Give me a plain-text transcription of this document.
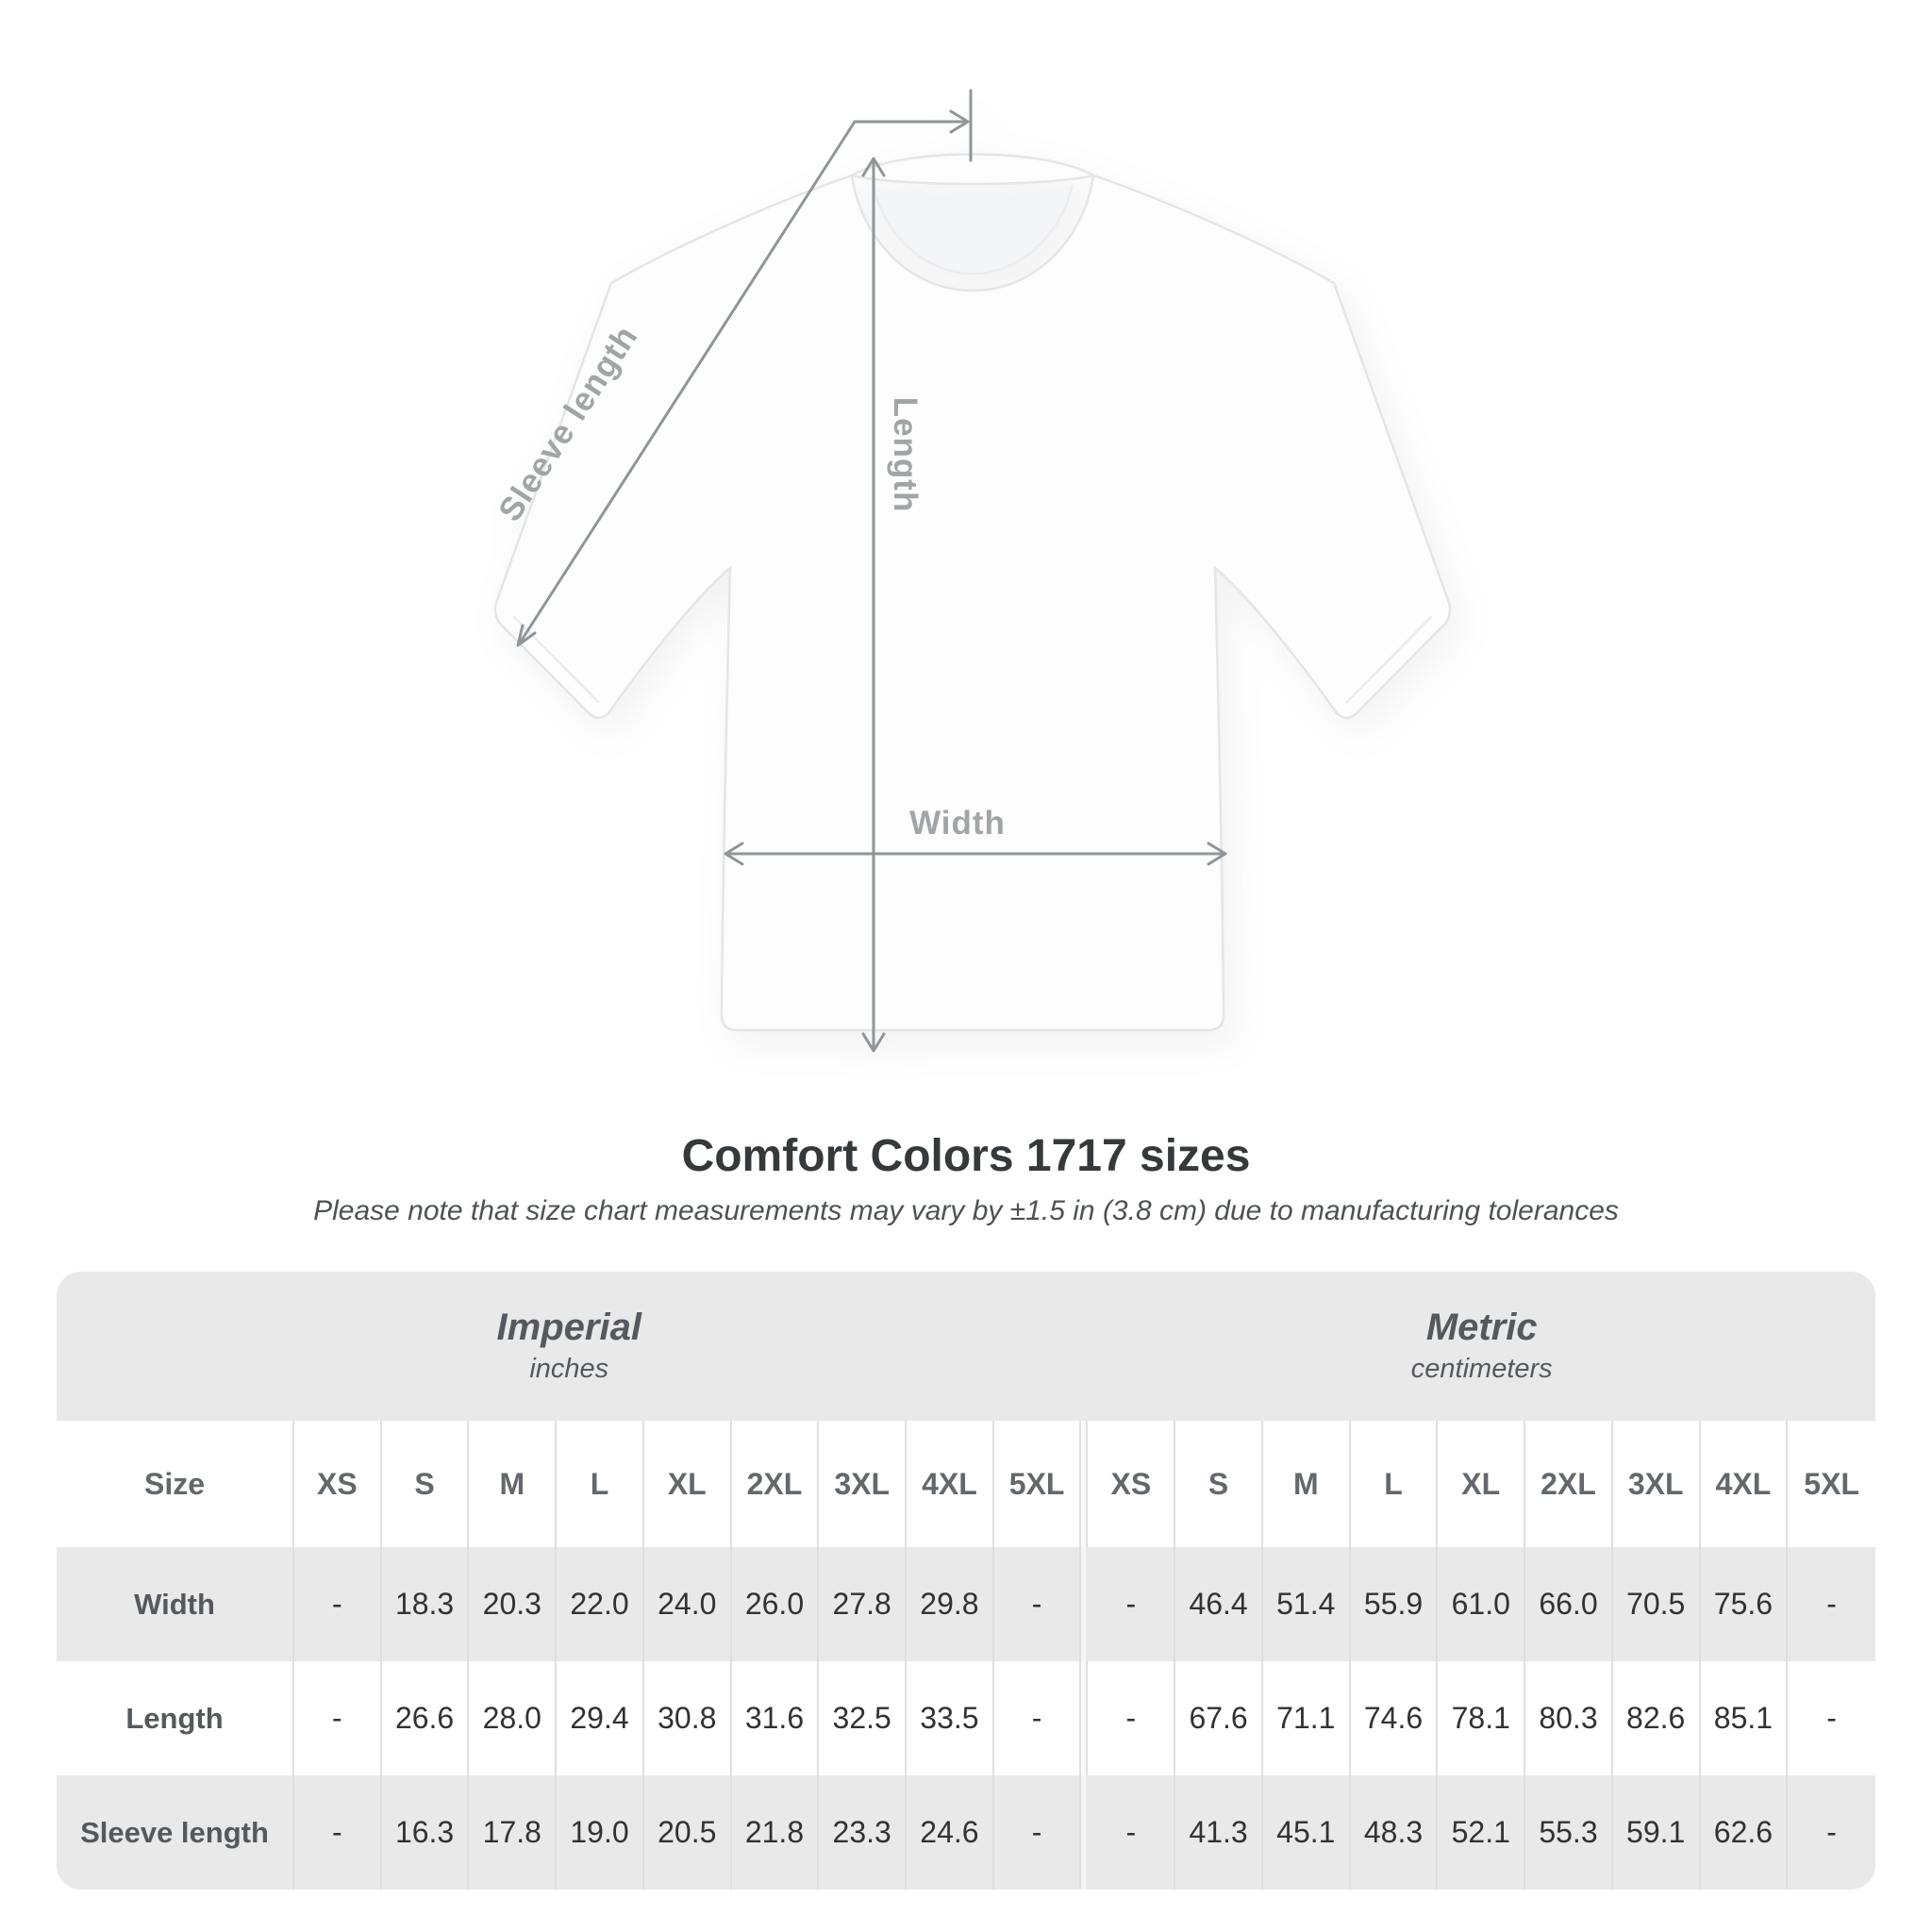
Sleeve length	Length
Width
Comfort Colors 1717 sizes
Please note that size chart measurements may vary by ±1.5 in (3.8 cm) due to manufacturing tolerances
Imperial
inches
Metric
centimeters
Size	XS	S	M	L	XL	2XL	3XL	4XL	5XL	XS	S	M	L	XL	2XL	3XL	4XL	5XL
Width	-	18.3 20.3 22.0 24.0 26.0 27.8 29.8	-	-	46.4 51.4 55.9 61.0 66.0 70.5 75.6	-
Length	-	26.6 28.0 29.4 30.8 31.6 32.5 33.5	-	-	67.6 71.1 74.6 78.1 80.3 82.6 85.1	-
Sleeve length	-	16.3 17.8 19.0 20.5 21.8 23.3 24.6	-	-	41.3 45.1 48.3 52.1 55.3 59.1 62.6	-
